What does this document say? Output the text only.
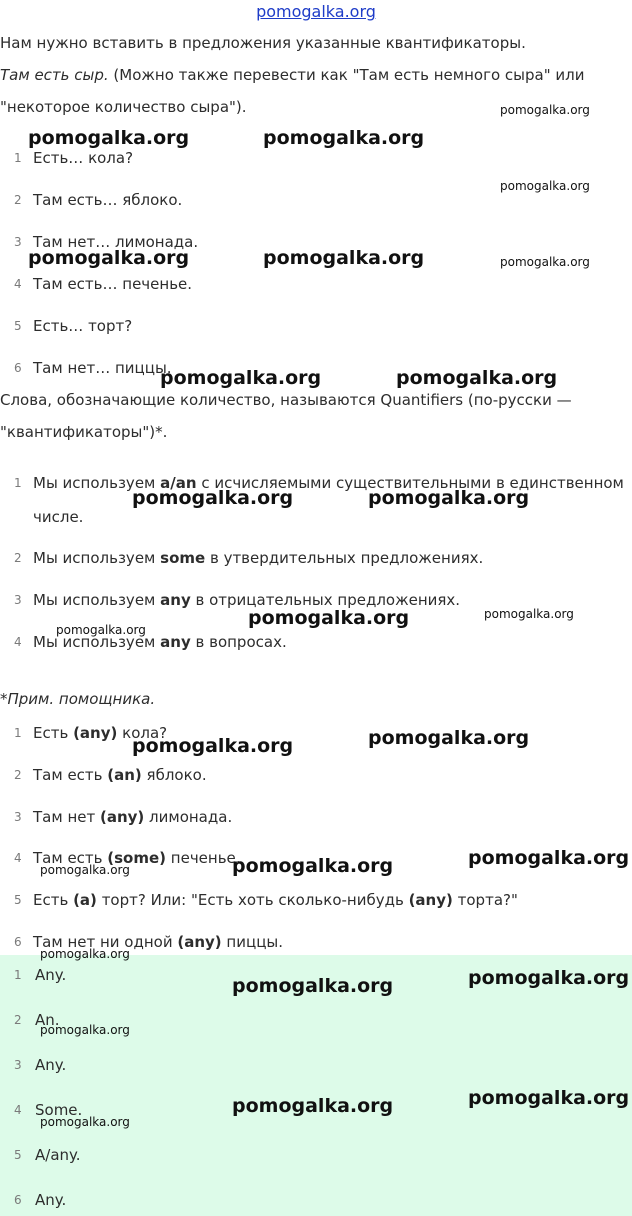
pomogalka.org
Нам нужно вставить в предложения указанные квантификаторы.
Там есть сыр. (Можно также перевести как "Там есть немного сыра" или
"некоторое количество сыра").
1 Есть… кола?
2 Там есть… яблоко.
3 Там нет… лимонада.
4 Там есть… печенье.
5 Есть… торт?
6 Там нет… пиццы.
Слова, обозначающие количество, называются Quantifiers (по-русски —
"квантификаторы")*.
1 Мы используем a/an с исчисляемыми существительными в единственном
числе.
2 Мы используем some в утвердительных предложениях.
3 Мы используем any в отрицательных предложениях.
4 Мы используем any в вопросах.
*Прим. помощника.
1 Есть (any) кола?
2 Там есть (an) яблоко.
3 Там нет (any) лимонада.
4 Там есть (some) печенье.
5 Есть (a) торт? Или: "Есть хоть сколько-нибудь (any) торта?"
6 Там нет ни одной (any) пиццы.
1 Any.
2 An.
3 Any.
4 Some.
5 A/any.
6 Any.
pomogalka.org	pomogalka.org
pomogalka.org
pomogalka.org
pomogalka.org	pomogalka.org	pomogalka.org
pomogalka.org	pomogalka.org
pomogalka.org	pomogalka.org
pomogalka.org	pomogalka.org
pomogalka.org
pomogalka.org	pomogalka.org
pomogalka.org	pomogalka.org
pomogalka.org
pomogalka.org
pomogalka.org	pomogalka.org
pomogalka.org
pomogalka.org	pomogalka.org
pomogalka.org
